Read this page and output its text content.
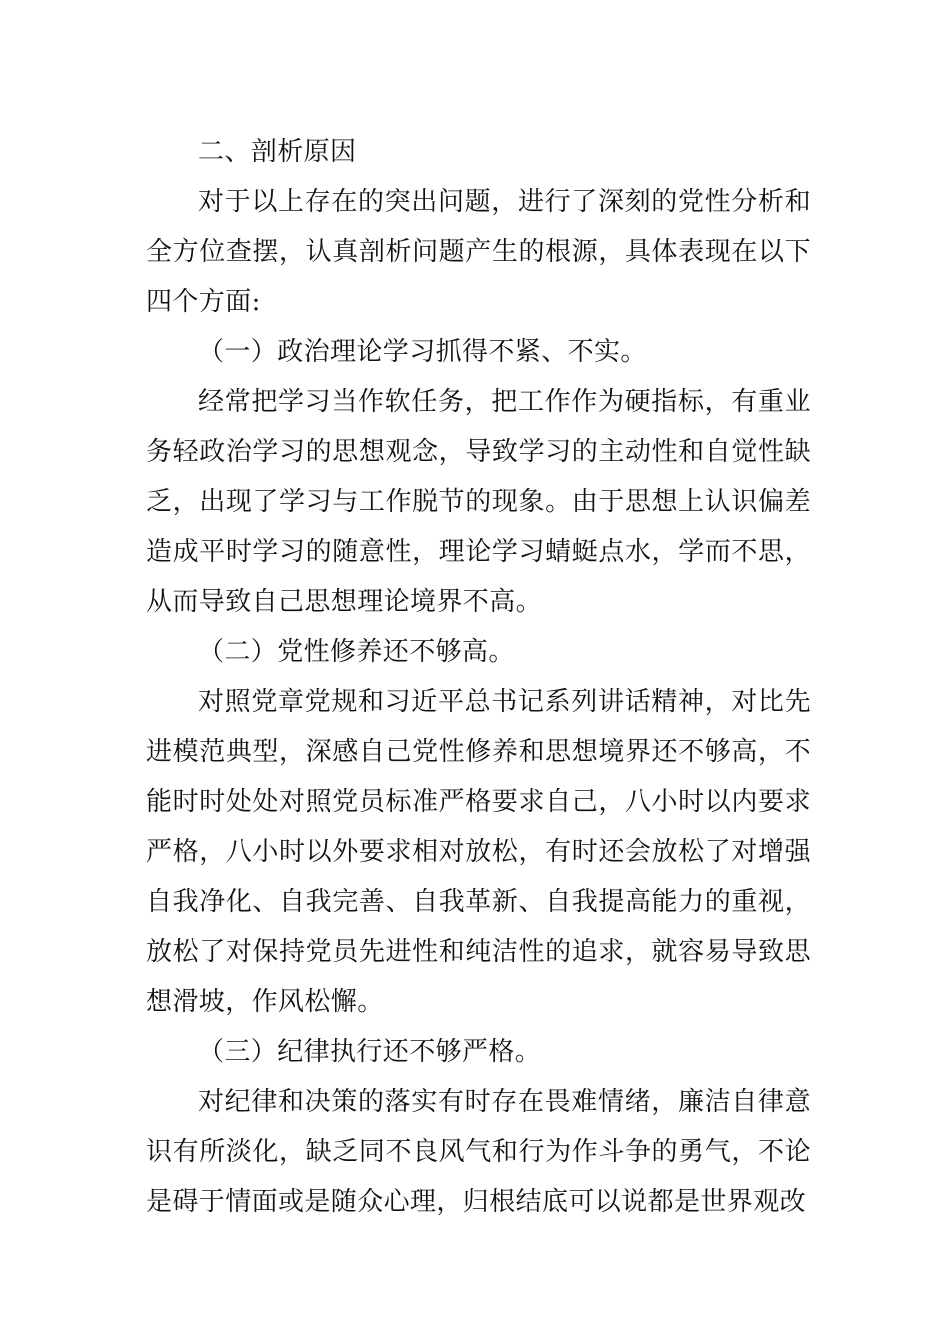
二、剖析原因

对于以上存在的突出问题，进行了深刻的党性分析和全方位查摆，认真剖析问题产生的根源，具体表现在以下四个方面:

（一）政治理论学习抓得不紧、不实。

经常把学习当作软任务，把工作作为硬指标，有重业务轻政治学习的思想观念，导致学习的主动性和自觉性缺乏，出现了学习与工作脱节的现象。由于思想上认识偏差造成平时学习的随意性，理论学习蜻蜓点水，学而不思，从而导致自己思想理论境界不高。

（二）党性修养还不够高。

对照党章党规和习近平总书记系列讲话精神，对比先进模范典型，深感自己党性修养和思想境界还不够高，不能时时处处对照党员标准严格要求自己，八小时以内要求严格，八小时以外要求相对放松，有时还会放松了对增强自我净化、自我完善、自我革新、自我提高能力的重视，放松了对保持党员先进性和纯洁性的追求，就容易导致思想滑坡，作风松懈。

（三）纪律执行还不够严格。

对纪律和决策的落实有时存在畏难情绪，廉洁自律意识有所淡化，缺乏同不良风气和行为作斗争的勇气，不论是碍于情面或是随众心理，归根结底可以说都是世界观改
